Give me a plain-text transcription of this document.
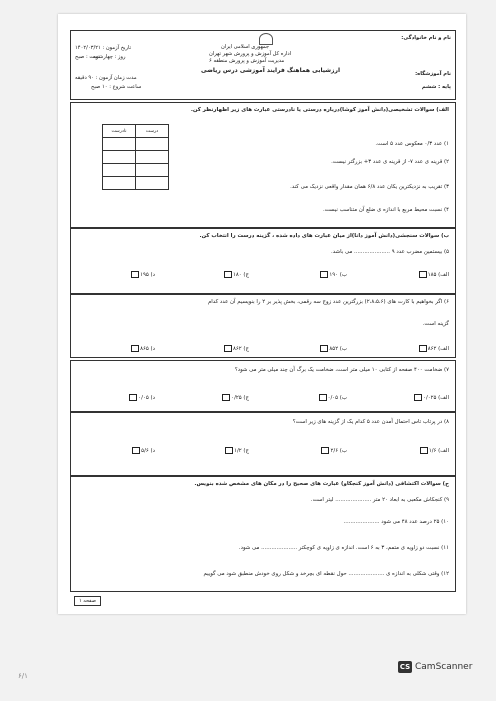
نام و نام خانوادگی:
جمهوری اسلامی ایران
اداره کل آموزش و پرورش شهر تهران
مدیریت آموزش و پرورش منطقه ۶
ارزشیابی هماهنگ فرایند آموزشی درس ریاضی	نام آموزشگاه:
پایه : ششم
تاریخ آزمون : ۱۴۰۲/۰۳/۲۱
روز : چهارشنبه
نوبت : صبح
مدت زمان آزمون : ۹۰ دقیقه
ساعت شروع : ۱۰ صبح
الف) سوالات تشخیصی(دانش آموز کوشا)درباره درستی یا نادرستی عبارت های زیر اظهارنظر کن.
۱) عدد ۰/۳ معکوس عدد ۵ است.
۲) قرینه ی عدد ۷- از قرینه ی عدد ۳+ بزرگتر نیست.
۳) تقریب به نزدیکترین یکان عدد ۶/۸ همان مقدار واقعی نزدیک می کند.
۴) نسبت محیط مربع با اندازه ی ضلع آن متناسب نیست.
نادرست	درست

ب) سوالات سنجشی(دانش آموز دانا)از میان عبارت های داده شده ، گزینه درست را انتخاب کن.
۵) بیستمین مضرب عدد ۹ ..................... می باشد.
الف) ۱۸۵
ب) ۱۹۰
ج) ۱۸۰
د) ۱۹۵
۶) اگر بخواهیم با کارت های (۲،۸،۵،۶) بزرگترین عدد زوج سه رقمی، بخش پذیر بر ۲ را بنویسیم آن عدد کدام
گزینه است.
الف) ۸۶۲
ب) ۸۵۲
ج) ۸۶۲
د) ۸۶۵
۷) ضخامت ۴۰۰ صفحه از کتابی ۱۰ میلی متر است، ضخامت یک برگ آن چند میلی متر می شود؟
الف) ۰/۰۲۵
ب) ۰/۰۵
ج) ۰/۲۵
د) ۰/۰۵
۸) در پرتاب تاس احتمال آمدن عدد ۵ کدام یک از گزینه های زیر است؟
الف) ۱/۶
ب) ۲/۶
ج) ۱/۲
د) ۵/۶
ج) سوالات اکتشافی (دانش آموز کنجکاو) عبارت های صحیح را در مکان های مشخص شده بنویس.
۹) کنجکاش مکعبی به ابعاد ۲۰ متر ..................... لیتر است.
۱۰) ۲۵ درصد عدد ۴۸ می شود .....................
۱۱) نسبت دو زاویه ی متمم، ۳ به ۶ است. اندازه ی زاویه ی کوچکتر ..................... می شود.
۱۲) وقتی شکلی به اندازه ی ..................... حول نقطه ای بچرخد و شکل روی خودش منطبق شود می گوییم
صفحه ۱
۶/۱
CS CamScanner
